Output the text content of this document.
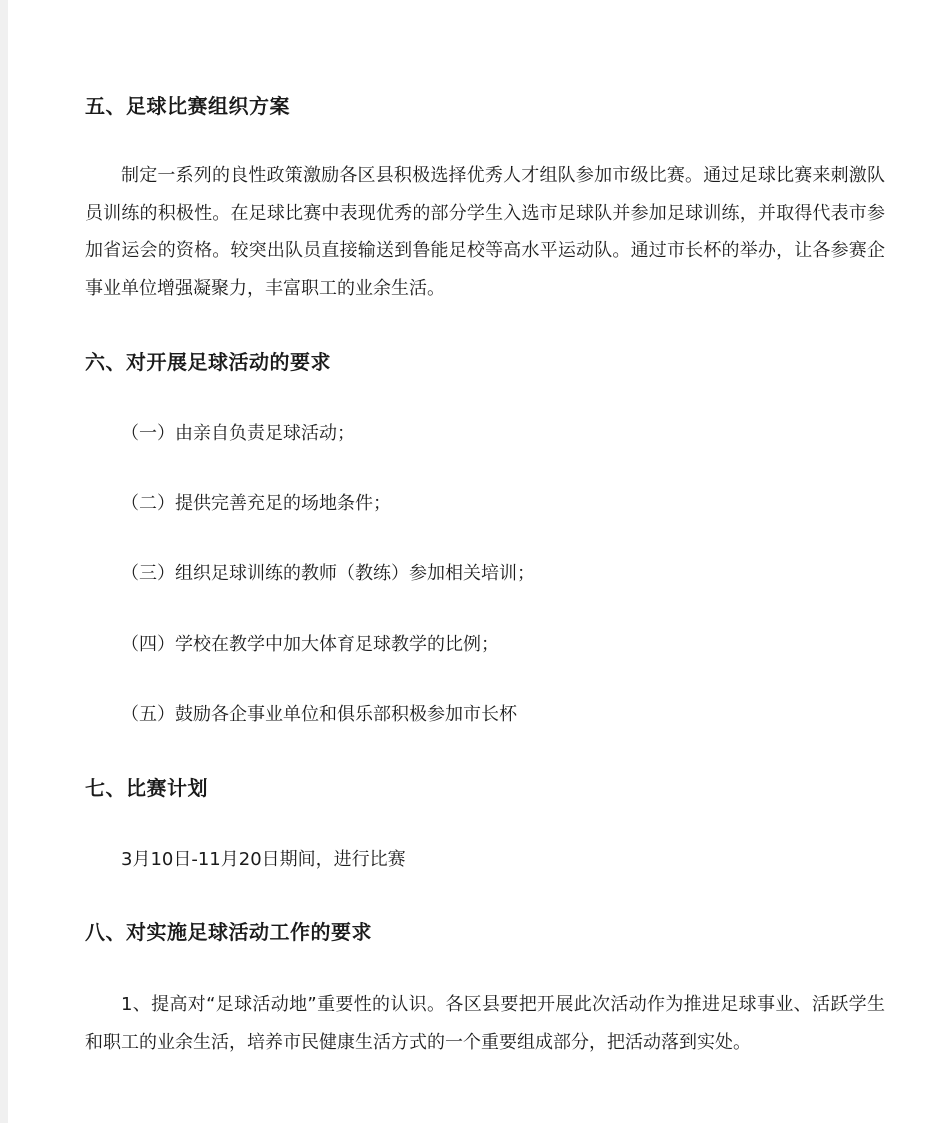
五、足球比赛组织方案

制定一系列的良性政策激励各区县积极选择优秀人才组队参加市级比赛。通过足球比赛来刺激队员训练的积极性。在足球比赛中表现优秀的部分学生入选市足球队并参加足球训练，并取得代表市参加省运会的资格。较突出队员直接输送到鲁能足校等高水平运动队。通过市长杯的举办，让各参赛企事业单位增强凝聚力，丰富职工的业余生活。

六、对开展足球活动的要求

（一）由亲自负责足球活动；

（二）提供完善充足的场地条件；

（三）组织足球训练的教师（教练）参加相关培训；

（四）学校在教学中加大体育足球教学的比例；

（五）鼓励各企事业单位和俱乐部积极参加市长杯

七、比赛计划

3月10日-11月20日期间，进行比赛

八、对实施足球活动工作的要求

1、提高对“足球活动地”重要性的认识。各区县要把开展此次活动作为推进足球事业、活跃学生和职工的业余生活，培养市民健康生活方式的一个重要组成部分，把活动落到实处。
